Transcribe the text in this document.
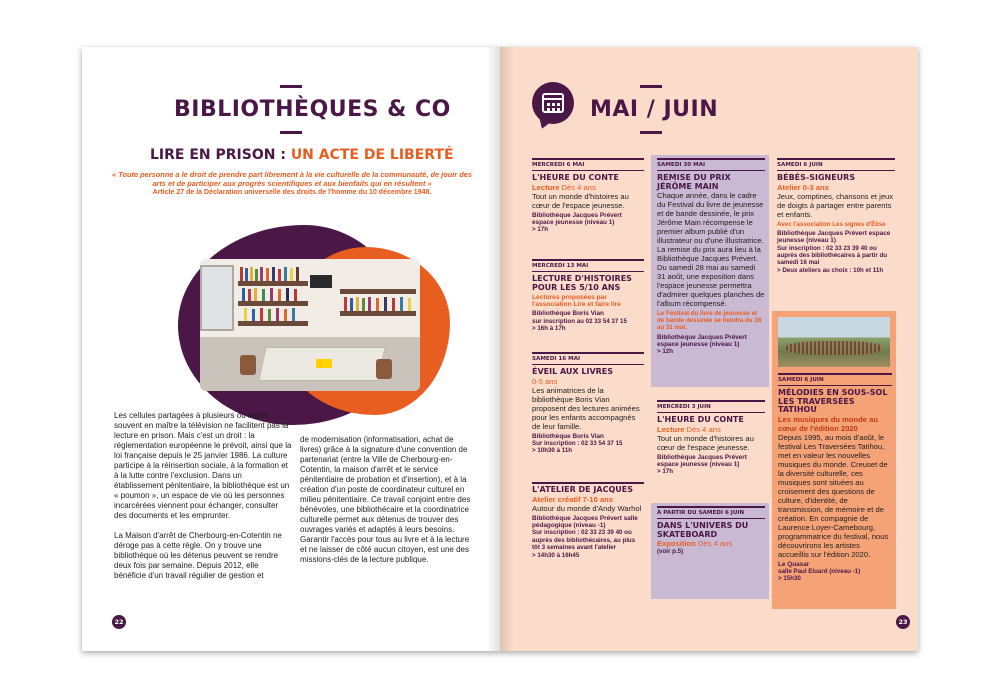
BIBLIOTHÈQUES & CO
LIRE EN PRISON : UN ACTE DE LIBERTÉ
« Toute personne a le droit de prendre part librement à la vie culturelle de la communauté, de jouir des arts et de participer aux progrès scientifiques et aux bienfaits qui en résultent »
Article 27 de la Déclaration universelle des droits de l'homme du 10 décembre 1948.

Les cellules partagées à plusieurs où règne souvent en maître la télévision ne facilitent pas la lecture en prison. Mais c'est un droit : la réglementation européenne le prévoit, ainsi que la loi française depuis le 25 janvier 1986. La culture participe à la réinsertion sociale, à la formation et à la lutte contre l'exclusion. Dans un établissement pénitentiaire, la bibliothèque est un « poumon », un espace de vie où les personnes incarcérées viennent pour échanger, consulter des documents et les emprunter.

La Maison d'arrêt de Cherbourg-en-Cotentin ne déroge pas à cette règle. On y trouve une bibliothèque où les détenus peuvent se rendre deux fois par semaine. Depuis 2012, elle bénéficie d'un travail régulier de gestion et

de modernisation (informatisation, achat de livres) grâce à la signature d'une convention de partenariat (entre la Ville de Cherbourg-en-Cotentin, la maison d'arrêt et le service pénitentiaire de probation et d'insertion), et à la création d'un poste de coordinateur culturel en milieu pénitentiaire. Ce travail conjoint entre des bénévoles, une bibliothécaire et la coordinatrice culturelle permet aux détenus de trouver des ouvrages variés et adaptés à leurs besoins.

Garantir l'accès pour tous au livre et à la lecture et ne laisser de côté aucun citoyen, est une des missions-clés de la lecture publique.

22
MAI / JUIN
MERCREDI 6 MAI
L'HEURE DU CONTE
Lecture Dès 4 ans
Tout un monde d'histoires au cœur de l'espace jeunesse.
Bibliothèque Jacques Prévert espace jeunesse (niveau 1)
> 17h
MERCREDI 13 MAI
LECTURE D'HISTOIRES POUR LES 5/10 ANS
Lectures proposées par l'association Lire et faire lire
Bibliothèque Boris Vian
sur inscription au 02 33 54 37 15
> 16h à 17h
SAMEDI 16 MAI
ÉVEIL AUX LIVRES
0-5 ans
Les animatrices de la bibliothèque Boris Vian proposent des lectures animées pour les enfants accompagnés de leur famille.
Bibliothèque Boris Vian
Sur inscription : 02 33 54 37 15
> 10h30 à 11h
L'ATELIER DE JACQUES
Atelier créatif 7-10 ans
Autour du monde d'Andy Warhol
Bibliothèque Jacques Prévert salle pédagogique (niveau -1)
Sur inscription : 02 33 23 39 40 ou auprès des bibliothécaires, au plus tôt 3 semaines avant l'atelier
> 14h30 à 16h45
SAMEDI 30 MAI
REMISE DU PRIX JÉRÔME MAIN
Chaque année, dans le cadre du Festival du livre de jeunesse et de bande dessinée, le prix Jérôme Main récompense le premier album publié d'un illustrateur ou d'une illustratrice. La remise du prix aura lieu à la Bibliothèque Jacques Prévert. Du samedi 28 mai au samedi 31 août, une exposition dans l'espace jeunesse permettra d'admirer quelques planches de l'album récompensé.
Le Festival du livre de jeunesse et de bande dessinée se tiendra du 28 au 31 mai.
Bibliothèque Jacques Prévert espace jeunesse (niveau 1)
> 12h
MERCREDI 3 JUIN
L'HEURE DU CONTE
Lecture Dès 4 ans
Tout un monde d'histoires au cœur de l'espace jeunesse.
Bibliothèque Jacques Prévert espace jeunesse (niveau 1)
> 17h
À PARTIR DU SAMEDI 6 JUIN
DANS L'UNIVERS DU SKATEBOARD
Exposition Dès 4 ans
(voir p.5)
SAMEDI 6 JUIN
BÉBÉS-SIGNEURS
Atelier 0-3 ans
Jeux, comptines, chansons et jeux de doigts à partager entre parents et enfants.
Avec l'association Les signes d'Élise
Bibliothèque Jacques Prévert espace jeunesse (niveau 1)
Sur inscription : 02 33 23 39 40 ou auprès des bibliothécaires à partir du samedi 16 mai
> Deux ateliers au choix : 10h et 11h
SAMEDI 6 JUIN
MÉLODIES EN SOUS-SOL LES TRAVERSÉES TATIHOU
Les musiques du monde au cœur de l'édition 2020
Depuis 1995, au mois d'août, le festival Les Traversées Tatihou, met en valeur les nouvelles musiques du monde. Creuset de la diversité culturelle, ces musiques sont situées au croisement des questions de culture, d'identité, de transmission, de mémoire et de création. En compagnie de Laurence Loyer-Camebourg, programmatrice du festival, nous découvrirons les artistes accueillis sur l'édition 2020.
Le Quasar
salle Paul Eluard (niveau -1)
> 15h30
23
